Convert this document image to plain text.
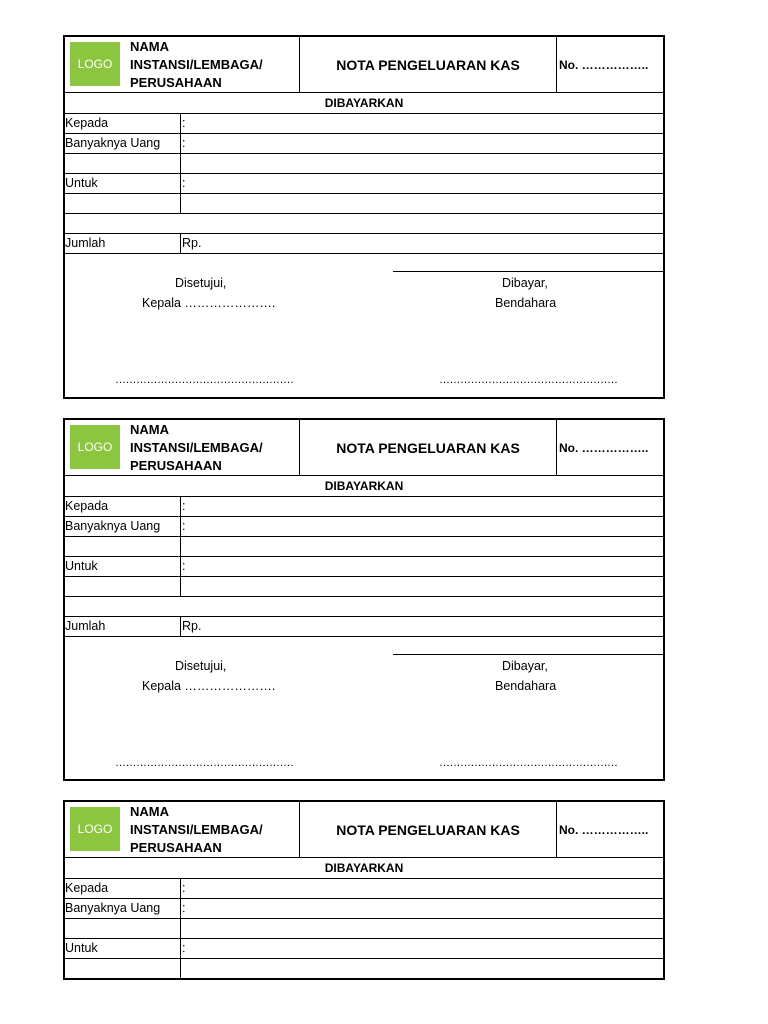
LOGO
NAMA
INSTANSI/LEMBAGA/
PERUSAHAAN
NOTA PENGELUARAN KAS	No. ……………..
DIBAYARKAN
Kepada	:
Banyaknya Uang :
Untuk	:
Jumlah	Rp.
Disetujui,
Kepala ………………….
Dibayar,
Bendahara
……………………………………………	……………………………………………
LOGO
NAMA
INSTANSI/LEMBAGA/
PERUSAHAAN
NOTA PENGELUARAN KAS	No. ……………..
DIBAYARKAN
Kepada	:
Banyaknya Uang :
Untuk	:
Jumlah	Rp.
Disetujui,
Kepala ………………….
Dibayar,
Bendahara
……………………………………………	……………………………………………
LOGO
NAMA
INSTANSI/LEMBAGA/
PERUSAHAAN
NOTA PENGELUARAN KAS	No. ……………..
DIBAYARKAN
Kepada	:
Banyaknya Uang :
Untuk	:
